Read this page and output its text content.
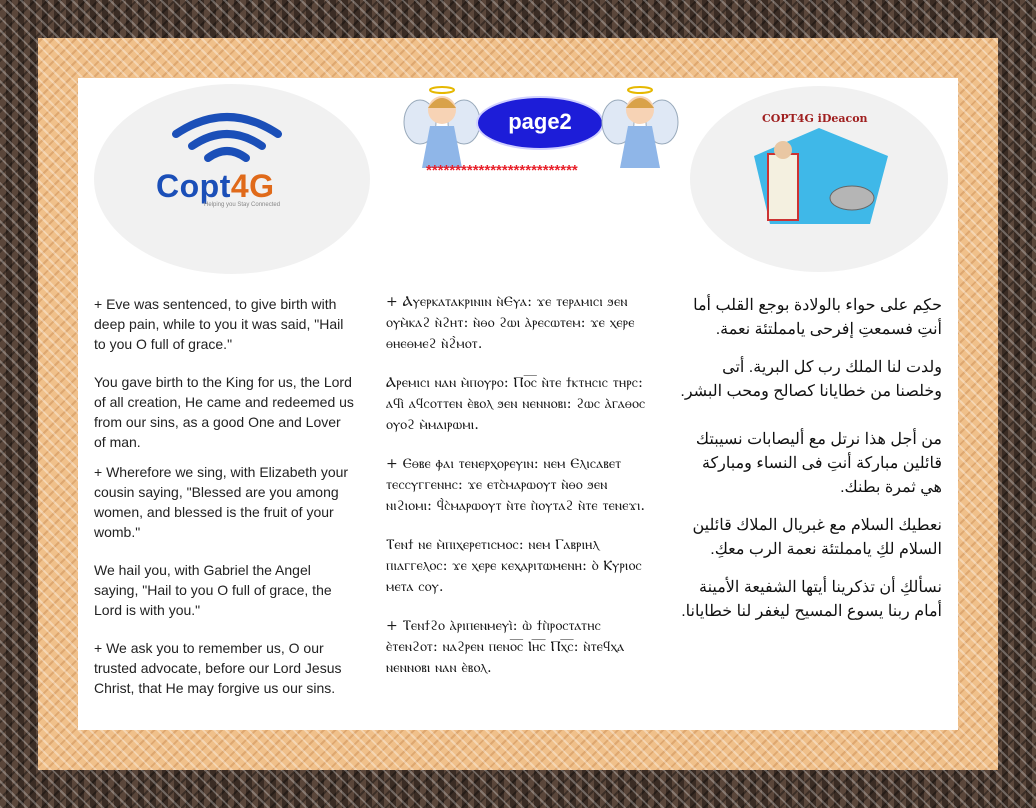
Copt4G
Helping you Stay Connected
page2
**************************
COPT4G iDeacon

+ Eve was sentenced, to give birth with deep pain, while to you it was said, "Hail to you O full of grace."

You gave birth to the King for us, the Lord of all creation, He came and redeemed us from our sins, as a good One and Lover of man.

+ Wherefore we sing, with Elizabeth your cousin saying, "Blessed are you among women, and blessed is the fruit of your womb."

We hail you, with Gabriel the Angel saying, "Hail to you O full of grace, the Lord is with you."

+ We ask you to remember us, O our trusted advocate, before our Lord Jesus Christ, that He may forgive us our sins.

+ Ⲁⲩⲉⲣⲕⲁⲧⲁⲕⲣⲓⲛⲓⲛ ⲛ̀Ⲉⲩⲁ: ϫⲉ ⲧⲉⲣⲁⲙⲓⲥⲓ ϧⲉⲛ ⲟⲩⲙ̀ⲕⲁϩ ⲛ̀ϩⲏⲧ: ⲛ̀ⲑⲟ ϩⲱⲓ ⲁ̀ⲣⲉⲥⲱⲧⲉⲙ: ϫⲉ ⲭⲉⲣⲉ ⲑⲏⲉⲑⲙⲉϩ ⲛ̀ϩ̀ⲙⲟⲧ.

Ⲁⲣⲉⲙⲓⲥⲓ ⲛⲁⲛ ⲙ̀ⲡⲟⲩⲣⲟ: Ⲡⲟ̅ⲥ̅ ⲛ̀ⲧⲉ ϯⲕⲧⲏⲥⲓⲥ ⲧⲏⲣⲥ: ⲁϥⲓ̀ ⲁϥⲥⲟⲧⲧⲉⲛ ⲉ̀ⲃⲟⲗ ϧⲉⲛ ⲛⲉⲛⲛⲟⲃⲓ: ϩⲱⲥ ⲁ̀ⲅⲁⲑⲟⲥ ⲟⲩⲟϩ ⲙ̀ⲙⲁⲓⲣⲱⲙⲓ.

+ Ⲉⲑⲃⲉ ⲫⲁⲓ ⲧⲉⲛⲉⲣⲭⲟⲣⲉⲩⲓⲛ: ⲛⲉⲙ Ⲉⲗⲓⲥⲁⲃⲉⲧ ⲧⲉⲥⲥⲩⲅⲅⲉⲛⲏⲥ: ϫⲉ ⲉⲧⲥ̀ⲙⲁⲣⲱⲟⲩⲧ ⲛ̀ⲑⲟ ϧⲉⲛ ⲛⲓϩⲓⲟⲙⲓ: ϥ̀ⲥ̀ⲙⲁⲣⲱⲟⲩⲧ ⲛ̀ⲧⲉ ⲡ̀ⲟⲩⲧⲁϩ ⲛ̀ⲧⲉ ⲧⲉⲛⲉϫⲓ.

Ⲧⲉⲛϯ ⲛⲉ ⲙ̀ⲡⲓⲭⲉⲣⲉⲧⲓⲥⲙⲟⲥ: ⲛⲉⲙ Ⲅⲁⲃⲣⲓⲏⲗ ⲡⲓⲁⲅⲅⲉⲗⲟⲥ: ϫⲉ ⲭⲉⲣⲉ ⲕⲉⲭⲁⲣⲓⲧⲱⲙⲉⲛⲏ: ⲟ̀ Ⲕⲩⲣⲓⲟⲥ ⲙⲉⲧⲁ ⲥⲟⲩ.

+ Ⲧⲉⲛϯϩⲟ ⲁ̀ⲣⲓⲡⲉⲛⲙⲉⲩⲓ̀: ⲱ̀ ϯⲡ̀ⲣⲟⲥⲧⲁⲧⲏⲥ ⲉ̀ⲧⲉⲛϩⲟⲧ: ⲛⲁϩⲣⲉⲛ ⲡⲉⲛⲟ̅ⲥ̅ Ⲓⲏ̅ⲥ̅ Ⲡⲭ̅ⲥ̅: ⲛ̀ⲧⲉϥⲭⲁ ⲛⲉⲛⲛⲟⲃⲓ ⲛⲁⲛ ⲉ̀ⲃⲟⲗ.

حكِم على حواء بالولادة بوجع القلب أما أنتِ فسمعتِ إفرحى يامملتئة نعمة.

ولدت لنا الملك رب كل البرية. أتى وخلصنا من خطايانا كصالح ومحب البشر.

من أجل هذا نرتل مع أليصابات نسيبتك قائلين مباركة أنتِ فى النساء ومباركة هي ثمرة بطنك.

نعطيك السلام مع غبريال الملاك قائلين السلام لكِ يامملتئة نعمة الرب معكِ.

نسألكِ أن تذكرينا أيتها الشفيعة الأمينة أمام ربنا يسوع المسيح ليغفر لنا خطايانا.
